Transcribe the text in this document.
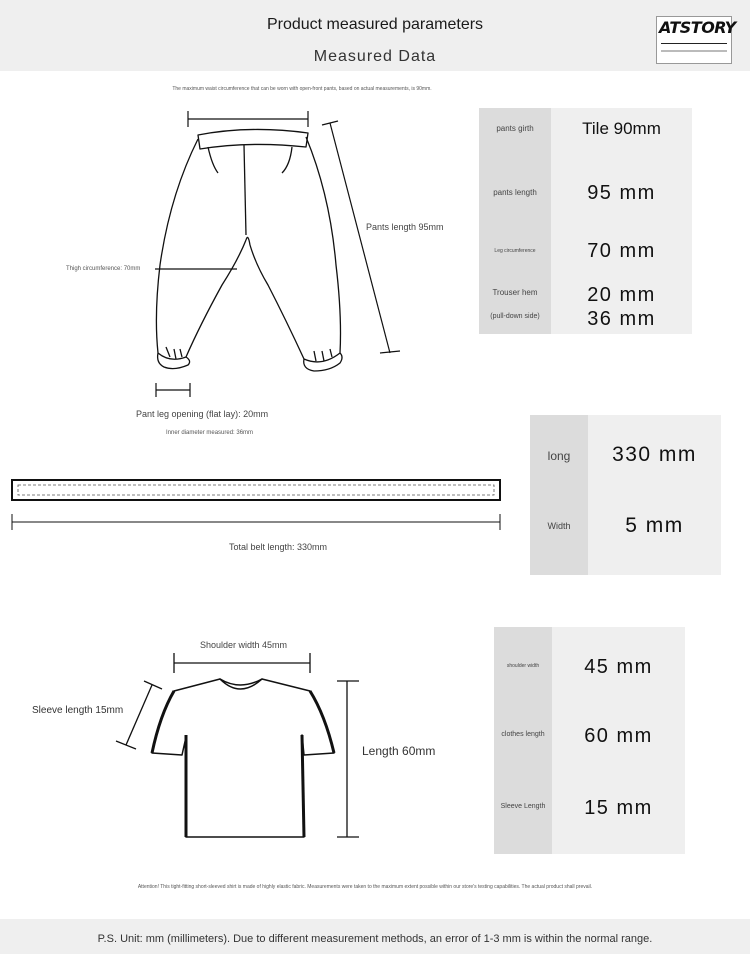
Product measured parameters
Measured Data
ATSTORY
The maximum waist circumference that can be worn with open-front pants, based on actual measurements, is 90mm.
Pants length 95mm
Thigh circumference: 70mm
Pant leg opening (flat lay): 20mm
Inner diameter measured: 36mm
pants girth	Tile 90mm
pants length	95 mm
Leg circumference	70 mm
Trouser hem	20 mm
(pull-down side)	36 mm
Total belt length: 330mm
long	330 mm
Width	5 mm
Shoulder width 45mm
Sleeve length 15mm
Length 60mm
shoulder width	45 mm
clothes length	60 mm
Sleeve Length	15 mm
Attention! This tight-fitting short-sleeved shirt is made of highly elastic fabric. Measurements were taken to the maximum extent possible within our store's testing capabilities. The actual product shall prevail.
P.S. Unit: mm (millimeters). Due to different measurement methods, an error of 1-3 mm is within the normal range.
